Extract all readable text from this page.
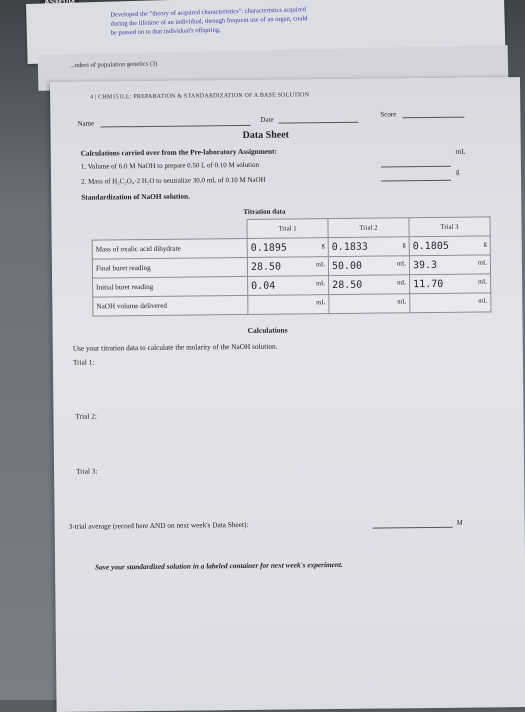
Developed the "theory of acquired characteristics": characteristics acquired
during the lifetime of an individual, through frequent use of an organ, could
be passed on to that individual's offspring.
...nders of population genetics (3)
4 | CHM151LL: PREPARATION & STANDARDIZATION OF A BASE SOLUTION
Name	Date
Score
Data Sheet
Calculations carried over from the Pre-laboratory Assignment:
1. Volume of 6.0 M NaOH to prepare 0.50 L of 0.10 M solution
mL
2. Mass of H₂C₂O₄·2 H₂O to neutralize 30.0 mL of 0.10 M NaOH
g
Standardization of NaOH solution.
Titration data
	Trial 1	Trial 2	Trial 3
Mass of oxalic acid dihydrate	0.1895 g	0.1833 g	0.1805 g

Final buret reading	28.50 mL	50.00 mL	39.3 mL

Initial buret reading	0.04 mL	28.50 mL	11.70 mL

NaOH volume delivered	mL	mL	mL
Calculations
Use your titration data to calculate the molarity of the NaOH solution.
Trial 1:
Trial 2:
Trial 3:
3-trial average (record here AND on next week's Data Sheet):	M
Save your standardized solution in a labeled container for next week's experiment.
